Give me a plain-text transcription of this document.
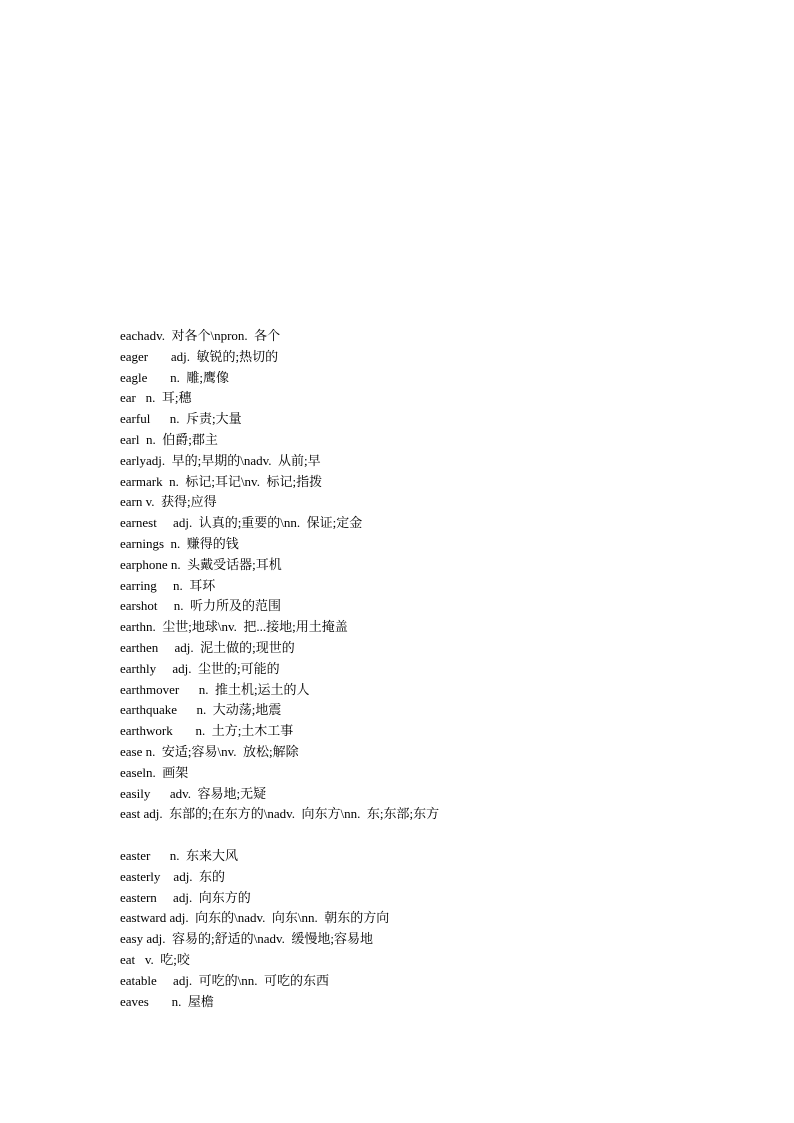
eachadv.  对各个\npron.  各个
eager       adj.  敏锐的;热切的
eagle       n.  雕;鹰像
ear   n.  耳;穗
earful      n.  斥责;大量
earl  n.  伯爵;郡主
earlyadj.  早的;早期的\nadv.  从前;早
earmark  n.  标记;耳记\nv.  标记;指拨
earn v.  获得;应得
earnest     adj.  认真的;重要的\nn.  保证;定金
earnings  n.  赚得的钱
earphone n.  头戴受话器;耳机
earring     n.  耳环
earshot     n.  听力所及的范围
earthn.  尘世;地球\nv.  把...接地;用土掩盖
earthen     adj.  泥土做的;现世的
earthly     adj.  尘世的;可能的
earthmover      n.  推土机;运土的人
earthquake      n.  大动荡;地震
earthwork       n.  土方;土木工事
ease n.  安适;容易\nv.  放松;解除
easeln.  画架
easily      adv.  容易地;无疑
east adj.  东部的;在东方的\nadv.  向东方\nn.  东;东部;东方
easter      n.  东来大风
easterly    adj.  东的
eastern     adj.  向东方的
eastward adj.  向东的\nadv.  向东\nn.  朝东的方向
easy adj.  容易的;舒适的\nadv.  缓慢地;容易地
eat   v.  吃;咬
eatable     adj.  可吃的\nn.  可吃的东西
eaves       n.  屋檐
